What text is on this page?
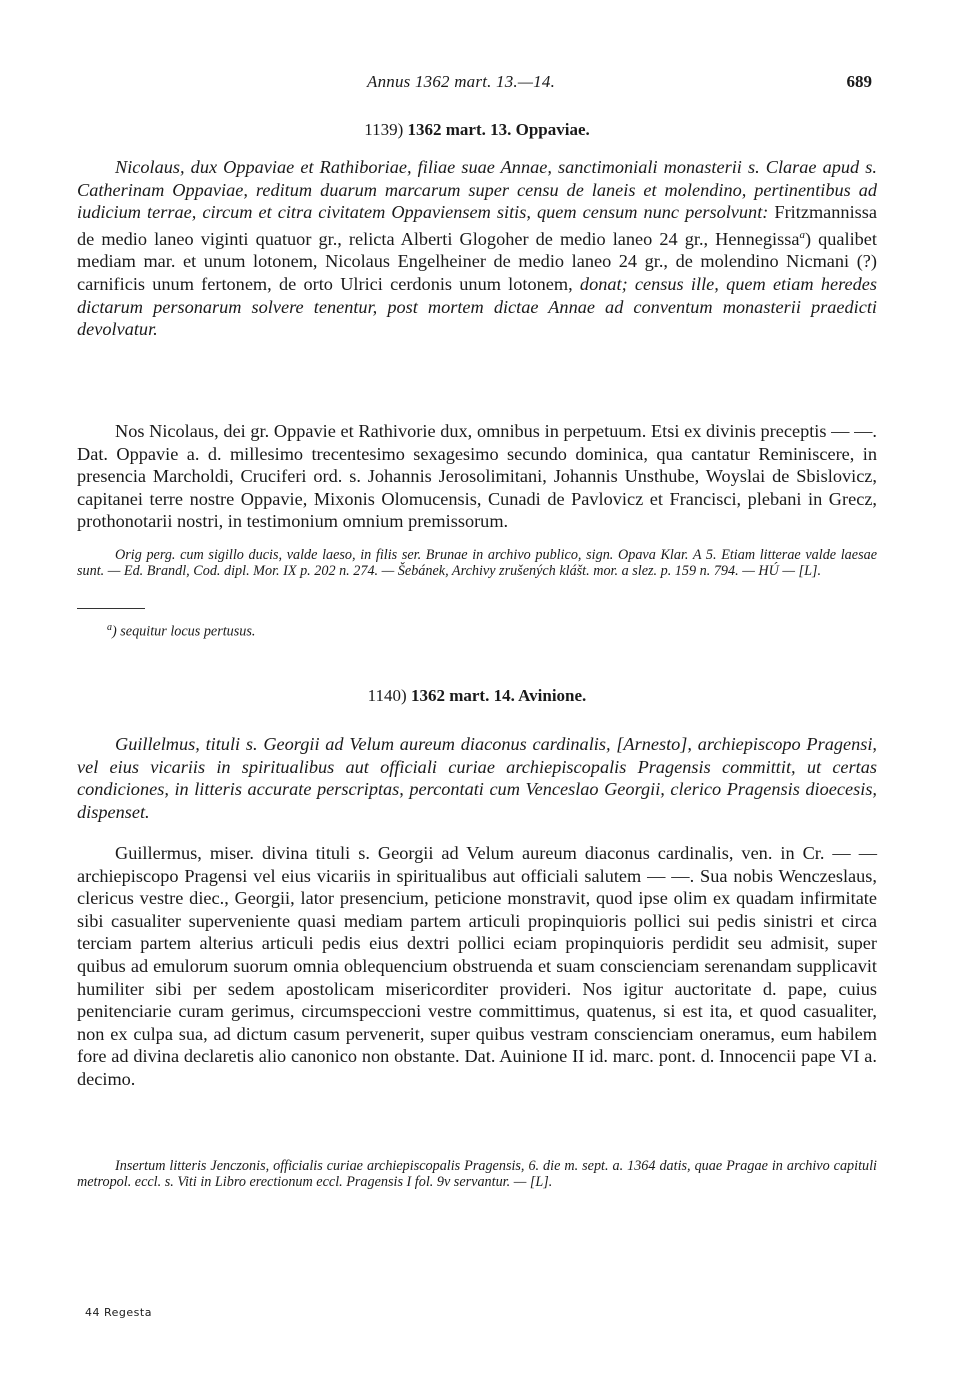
Annus 1362 mart. 13.—14.	689
1139) 1362 mart. 13. Oppaviae.

Nicolaus, dux Oppaviae et Rathiboriae, filiae suae Annae, sanctimoniali monasterii s. Clarae apud s. Catherinam Oppaviae, reditum duarum marcarum super censu de laneis et molendino, pertinentibus ad iudicium terrae, circum et citra civitatem Oppaviensem sitis, quem censum nunc persolvunt: Fritzmannissa de medio laneo viginti quatuor gr., relicta Alberti Glogoher de medio laneo 24 gr., Hennegissa$^a$) qualibet mediam mar. et unum lotonem, Nicolaus Engelheiner de medio laneo 24 gr., de molendino Nicmani (?) carnificis unum fertonem, de orto Ulrici cerdonis unum lotonem, donat; census ille, quem etiam heredes dictarum personarum solvere tenentur, post mortem dictae Annae ad conventum monasterii praedicti devolvatur.

Nos Nicolaus, dei gr. Oppavie et Rathivorie dux, omnibus in perpetuum. Etsi ex divinis preceptis — —. Dat. Oppavie a. d. millesimo trecentesimo sexagesimo secundo dominica, qua cantatur Reminiscere, in presencia Marcholdi, Cruciferi ord. s. Johannis Jerosolimitani, Johannis Unsthube, Woyslai de Sbislovicz, capitanei terre nostre Oppavie, Mixonis Olomucensis, Cunadi de Pavlovicz et Francisci, plebani in Grecz, prothonotarii nostri, in testimonium omnium premissorum.

Orig perg. cum sigillo ducis, valde laeso, in filis ser. Brunae in archivo publico, sign. Opava Klar. A 5. Etiam litterae valde laesae sunt. — Ed. Brandl, Cod. dipl. Mor. IX p. 202 n. 274. — Šebánek, Archivy zrušených klášt. mor. a slez. p. 159 n. 794. — HÚ — [L].

$^a$) sequitur locus pertusus.
1140) 1362 mart. 14. Avinione.

Guillelmus, tituli s. Georgii ad Velum aureum diaconus cardinalis, [Arnesto], archiepiscopo Pragensi, vel eius vicariis in spiritualibus aut officiali curiae archiepiscopalis Pragensis committit, ut certas condiciones, in litteris accurate perscriptas, percontati cum Venceslao Georgii, clerico Pragensis dioecesis, dispenset.

Guillermus, miser. divina tituli s. Georgii ad Velum aureum diaconus cardinalis, ven. in Cr. — — archiepiscopo Pragensi vel eius vicariis in spiritualibus aut officiali salutem — —. Sua nobis Wenczeslaus, clericus vestre diec., Georgii, lator presencium, peticione monstravit, quod ipse olim ex quadam infirmitate sibi casualiter superveniente quasi mediam partem articuli propinquioris pollici sui pedis sinistri et circa terciam partem alterius articuli pedis eius dextri pollici eciam propinquioris perdidit seu admisit, super quibus ad emulorum suorum omnia oblequencium obstruenda et suam conscienciam serenandam supplicavit humiliter sibi per sedem apostolicam misericorditer provideri. Nos igitur auctoritate d. pape, cuius penitenciarie curam gerimus, circumspeccioni vestre committimus, quatenus, si est ita, et quod casualiter, non ex culpa sua, ad dictum casum pervenerit, super quibus vestram conscienciam oneramus, eum habilem fore ad divina declaretis alio canonico non obstante. Dat. Auinione II id. marc. pont. d. Innocencii pape VI a. decimo.

Insertum litteris Jenczonis, officialis curiae archiepiscopalis Pragensis, 6. die m. sept. a. 1364 datis, quae Pragae in archivo capituli metropol. eccl. s. Viti in Libro erectionum eccl. Pragensis I fol. 9v servantur. — [L].

44 Regesta
